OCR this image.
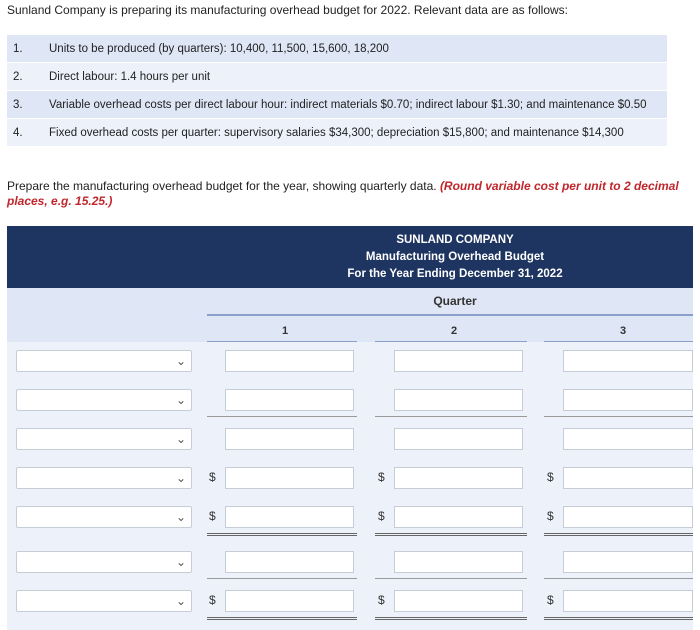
Sunland Company is preparing its manufacturing overhead budget for 2022. Relevant data are as follows:
1.	Units to be produced (by quarters): 10,400, 11,500, 15,600, 18,200
2.	Direct labour: 1.4 hours per unit
3.	Variable overhead costs per direct labour hour: indirect materials $0.70; indirect labour $1.30; and maintenance $0.50
4.	Fixed overhead costs per quarter: supervisory salaries $34,300; depreciation $15,800; and maintenance $14,300
Prepare the manufacturing overhead budget for the year, showing quarterly data. (Round variable cost per unit to 2 decimal places, e.g. 15.25.)
SUNLAND COMPANY
Manufacturing Overhead Budget
For the Year Ending December 31, 2022
Quarter
1	2	3
⌄
⌄
⌄
⌄ $	$	$
⌄ $	$	$
⌄
⌄ $	$	$
